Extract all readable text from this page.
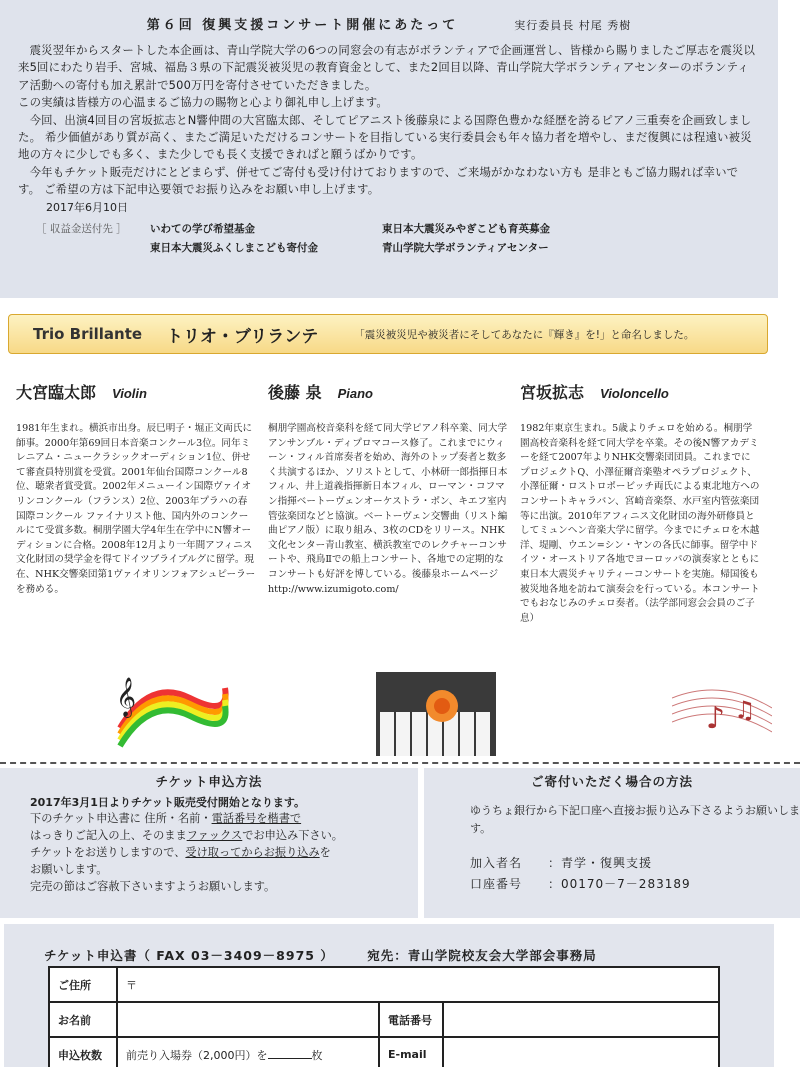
第６回 復興支援コンサート開催にあたって	実行委員長 村尾 秀樹

　震災翌年からスタートした本企画は、青山学院大学の6つの同窓会の有志がボランティアで企画運営し、皆様から賜りましたご厚志を震災以来5回にわたり岩手、宮城、福島３県の下記震災被災児の教育資金として、また2回目以降、青山学院大学ボランティアセンターのボランティア活動への寄付も加え累計で500万円を寄付させていただきました。

この実績は皆様方の心温まるご協力の賜物と心より御礼申し上げます。

　今回、出演4回目の宮坂拡志とN響仲間の大宮臨太郎、そしてピアニスト後藤泉による国際色豊かな経歴を誇るピアノ三重奏を企画致しました。 希少価値があり質が高く、またご満足いただけるコンサートを目指している実行委員会も年々協力者を増やし、まだ復興には程遠い被災地の方々に少しでも多く、また少しでも長く支援できればと願うばかりです。

　今年もチケット販売だけにとどまらず、併せてご寄付も受け付けておりますので、ご来場がかなわない方も 是非ともご協力賜れば幸いです。 ご希望の方は下記申込要領でお振り込みをお願い申し上げます。

2017年6月10日
［ 収益金送付先 ］	いわての学び希望基金	東日本大震災みやぎこども育英募金
東日本大震災ふくしまこども寄付金	青山学院大学ボランティアセンター
Trio Brillante トリオ・ブリランテ	「震災被災児や被災者にそしてあなたに『輝き』を!」と命名しました。
大宮臨太郎 Violin
1981年生まれ。横浜市出身。辰巳明子・堀正文両氏に師事。2000年第69回日本音楽コンクール3位。同年ミレニアム・ニュークラシックオーディション1位、併せて審査員特別賞を受賞。2001年仙台国際コンクール8位、聴衆者賞受賞。2002年メニューイン国際ヴァイオリンコンクール（フランス）2位、2003年プラハの春国際コンクール ファイナリスト他、国内外のコンクールにて受賞多数。桐朋学園大学4年生在学中にN響オーディションに合格。2008年12月より一年間アフィニス文化財団の奨学金を得てドイツブライブルグに留学。現在、NHK交響楽団第1ヴァイオリンフォアシュピーラーを務める。
後藤 泉 Piano
桐朋学園高校音楽科を経て同大学ピアノ科卒業、同大学アンサンブル・ディプロマコース修了。これまでにウィーン・フィル首席奏者を始め、海外のトップ奏者と数多く共演するほか、ソリストとして、小林研一郎指揮日本フィル、井上道義指揮新日本フィル、ローマン・コフマン指揮ベートーヴェンオーケストラ・ボン、キエフ室内管弦楽団などと協演。ベートーヴェン交響曲（リスト編曲ピアノ版）に取り組み、3枚のCDをリリース。NHK文化センター青山教室、横浜教室でのレクチャーコンサートや、飛鳥Ⅱでの船上コンサート、各地での定期的なコンサートも好評を博している。後藤泉ホームページ http://www.izumigoto.com/
宮坂拡志 Violoncello
1982年東京生まれ。5歳よりチェロを始める。桐朋学園高校音楽科を経て同大学を卒業。その後N響アカデミーを経て2007年よりNHK交響楽団団員。これまでにプロジェクトQ、小澤征爾音楽塾オペラプロジェクト、小澤征爾・ロストロポービッチ両氏による東北地方へのコンサートキャラバン、宮崎音楽祭、水戸室内管弦楽団等に出演。2010年アフィニス文化財団の海外研修員としてミュンヘン音楽大学に留学。今までにチェロを木越洋、堤剛、ウエン=シン・ヤンの各氏に師事。留学中ドイツ・オーストリア各地でヨーロッパの演奏家とともに東日本大震災チャリティーコンサートを実施。帰国後も被災地各地を訪ねて演奏会を行っている。本コンサートでもおなじみのチェロ奏者。（法学部同窓会会員のご子息）
𝄞
♪ ♫
チケット申込方法
2017年3月1日よりチケット販売受付開始となります。

下のチケット申込書に 住所・名前・電話番号を楷書で

はっきりご記入の上、そのままファックスでお申込み下さい。

チケットをお送りしますので、受け取ってからお振り込みを

お願いします。

完売の節はご容赦下さいますようお願いします。

ご寄付いただく場合の方法

ゆうちょ銀行から下記口座へ直接お振り込み下さるようお願いします。

加入者名	：青学・復興支援
口座番号	：00170－7－283189
チケット申込書（ FAX 03－3409－8975 ）	宛先：青山学院校友会大学部会事務局
ご住所	〒		
お名前		電話番号	
申込枚数	前売り入場券（2,000円）を 枚	E-mail	
